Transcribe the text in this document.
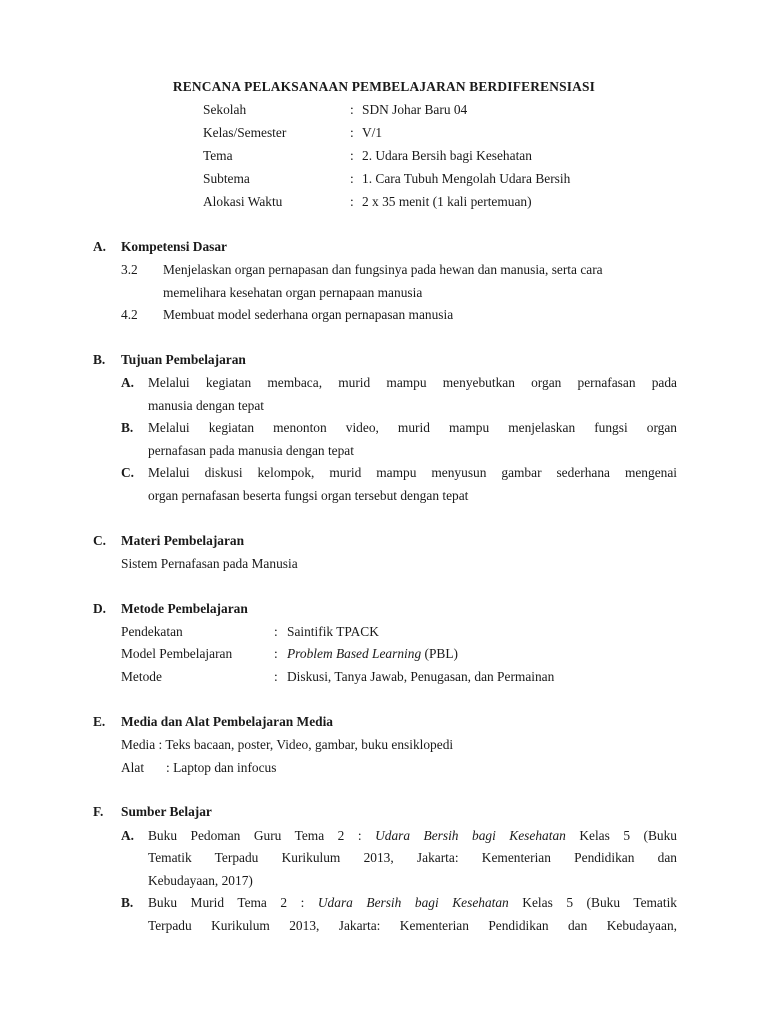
RENCANA PELAKSANAAN PEMBELAJARAN BERDIFERENSIASI
Sekolah	: SDN Johar Baru 04
Kelas/Semester	: V/1
Tema	: 2. Udara Bersih bagi Kesehatan
Subtema	: 1. Cara Tubuh Mengolah Udara Bersih
Alokasi Waktu	: 2 x 35 menit (1 kali pertemuan)
A. Kompetensi Dasar
3.2 Menjelaskan organ pernapasan dan fungsinya pada hewan dan manusia, serta cara
memelihara kesehatan organ pernapaan manusia
4.2 Membuat model sederhana organ pernapasan manusia
B. Tujuan Pembelajaran
A. Melalui kegiatan membaca, murid mampu menyebutkan organ pernafasan pada
manusia dengan tepat
B. Melalui kegiatan menonton video, murid mampu menjelaskan fungsi organ
pernafasan pada manusia dengan tepat
C. Melalui diskusi kelompok, murid mampu menyusun gambar sederhana mengenai
organ pernafasan beserta fungsi organ tersebut dengan tepat
C. Materi Pembelajaran
Sistem Pernafasan pada Manusia
D. Metode Pembelajaran
Pendekatan	: Saintifik TPACK
Model Pembelajaran	: Problem Based Learning (PBL)
Metode	: Diskusi, Tanya Jawab, Penugasan, dan Permainan
E. Media dan Alat Pembelajaran Media
Media : Teks bacaan, poster, Video, gambar, buku ensiklopedi
Alat : Laptop dan infocus
F. Sumber Belajar
A. Buku Pedoman Guru Tema 2 : Udara Bersih bagi Kesehatan Kelas 5 (Buku
Tematik Terpadu Kurikulum 2013, Jakarta: Kementerian Pendidikan dan
Kebudayaan, 2017)
B. Buku Murid Tema 2 : Udara Bersih bagi Kesehatan Kelas 5 (Buku Tematik
Terpadu Kurikulum 2013, Jakarta: Kementerian Pendidikan dan Kebudayaan,
